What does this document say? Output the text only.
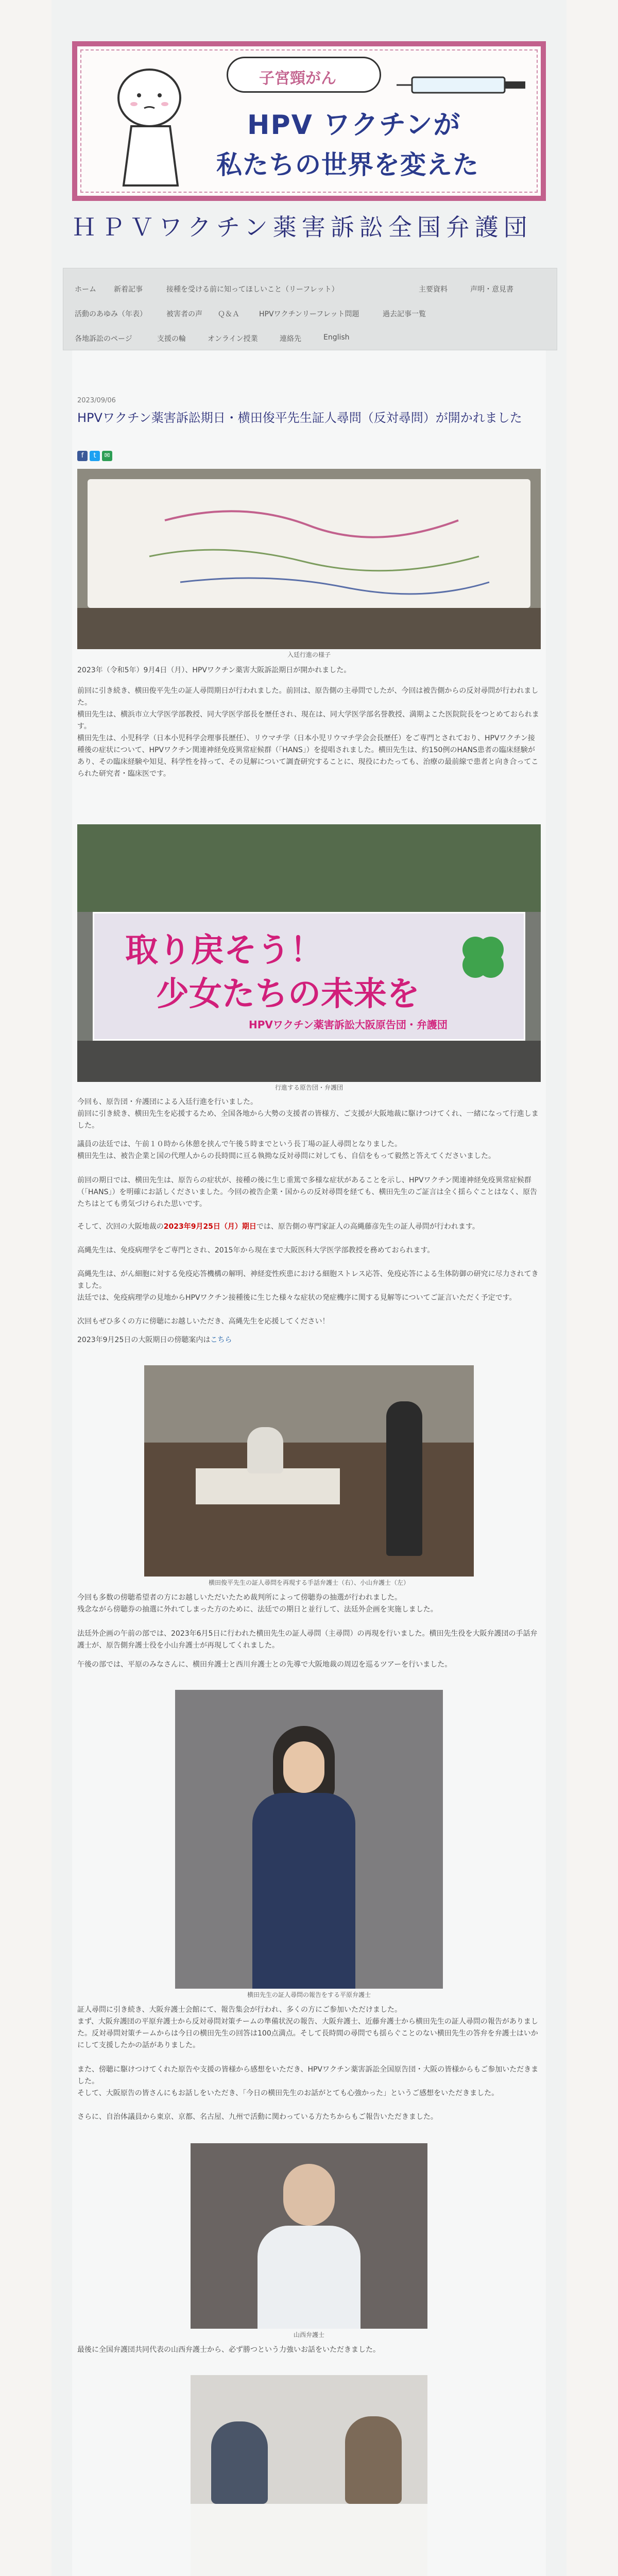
子宮頸がん
HPV ワクチンが
私たちの世界を変えた
ＨＰＶワクチン薬害訴訟全国弁護団
ホーム 新着記事	接種を受ける前に知ってほしいこと（リーフレット）	主要資料	声明・意見書
活動のあゆみ（年表）	被害者の声 Ｑ＆Ａ	HPVワクチンリーフレット問題	過去記事一覧
各地訴訟のページ	支援の輪	オンライン授業	連絡先	English
2023/09/06
HPVワクチン薬害訴訟期日・横田俊平先生証人尋問（反対尋問）が開かれました
f	t	✉
入廷行進の様子
2023年（令和5年）9月4日（月）、HPVワクチン薬害大阪訴訟期日が開かれました。
前回に引き続き、横田俊平先生の証人尋問期日が行われました。前回は、原告側の主尋問でしたが、今回は被告側からの反対尋問が行われました。
横田先生は、横浜市立大学医学部教授、同大学医学部長を歴任され、現在は、同大学医学部名誉教授、満期よこた医院院長をつとめておられます。
横田先生は、小児科学（日本小児科学会理事長歴任）、リウマチ学（日本小児リウマチ学会会長歴任）をご専門とされており、HPVワクチン接種後の症状について、HPVワクチン関連神経免疫異常症候群（「HANS」）を提唱されました。横田先生は、約150例のHANS患者の臨床経験があり、その臨床経験や知見、科学性を持って、その見解について調査研究することに、現役にわたっても、治療の最前線で患者と向き合ってこられた研究者・臨床医です。
取り戻そう！
少女たちの未来を
HPVワクチン薬害訴訟大阪原告団・弁護団
行進する原告団・弁護団
今回も、原告団・弁護団による入廷行進を行いました。
前回に引き続き、横田先生を応援するため、全国各地から大勢の支援者の皆様方、ご支援が大阪地裁に駆けつけてくれ、一緒になって行進しました。
議員の法廷では、午前１０時から休憩を挟んで午後５時までという長丁場の証人尋問となりました。
横田先生は、被告企業と国の代理人からの長時間に亘る執拗な反対尋問に対しても、自信をもって毅然と答えてくださいました。
前回の期日では、横田先生は、原告らの症状が、接種の後に生じ重篤で多様な症状があることを示し、HPVワクチン関連神経免疫異常症候群（「HANS」）を明確にお話しくださいました。今回の被告企業・国からの反対尋問を経ても、横田先生のご証言は全く揺らぐことはなく、原告たちはとても勇気づけられた思いです。
そして、次回の大阪地裁の2023年9月25日（月）期日では、原告側の専門家証人の高縄藤彦先生の証人尋問が行われます。
高縄先生は、免疫病理学をご専門とされ、2015年から現在まで大阪医科大学医学部教授を務めておられます。
高縄先生は、がん細胞に対する免疫応答機構の解明、神経変性疾患における細胞ストレス応答、免疫応答による生体防御の研究に尽力されてきました。
法廷では、免疫病理学の見地からHPVワクチン接種後に生じた様々な症状の発症機序に関する見解等についてご証言いただく予定です。
次回もぜひ多くの方に傍聴にお越しいただき、高縄先生を応援してください！
2023年9月25日の大阪期日の傍聴案内はこちら
横田俊平先生の証人尋問を再現する手話弁護士（右）、小山弁護士（左）
今回も多数の傍聴希望者の方にお越しいただいたため裁判所によって傍聴券の抽選が行われました。
残念ながら傍聴券の抽選に外れてしまった方のために、法廷での期日と並行して、法廷外企画を実施しました。
法廷外企画の午前の部では、2023年6月5日に行われた横田先生の証人尋問（主尋問）の再現を行いました。横田先生役を大阪弁護団の手話弁護士が、原告側弁護士役を小山弁護士が再現してくれました。
午後の部では、平原のみなさんに、横田弁護士と西川弁護士との先導で大阪地裁の周辺を巡るツアーを行いました。
横田先生の証人尋問の報告をする平原弁護士
証人尋問に引き続き、大阪弁護士会館にて、報告集会が行われ、多くの方にご参加いただけました。
まず、大阪弁護団の平原弁護士から反対尋問対策チームの準備状況の報告、大阪弁護士、近藤弁護士から横田先生の証人尋問の報告がありました。反対尋問対策チームからは今日の横田先生の回答は100点満点。そして長時間の尋問でも揺らぐことのない横田先生の答弁を弁護士はいかにして支援したかの話がありました。
また、傍聴に駆けつけてくれた原告や支援の皆様から感想をいただき、HPVワクチン薬害訴訟全国原告団・大阪の皆様からもご参加いただきました。
そして、大阪原告の皆さんにもお話しをいただき、「今日の横田先生のお話がとても心強かった」というご感想をいただきました。
さらに、自治体議員から東京、京都、名古屋、九州で活動に関わっている方たちからもご報告いただきました。
山西弁護士
最後に全国弁護団共同代表の山西弁護士から、必ず勝つという力強いお話をいただきました。
